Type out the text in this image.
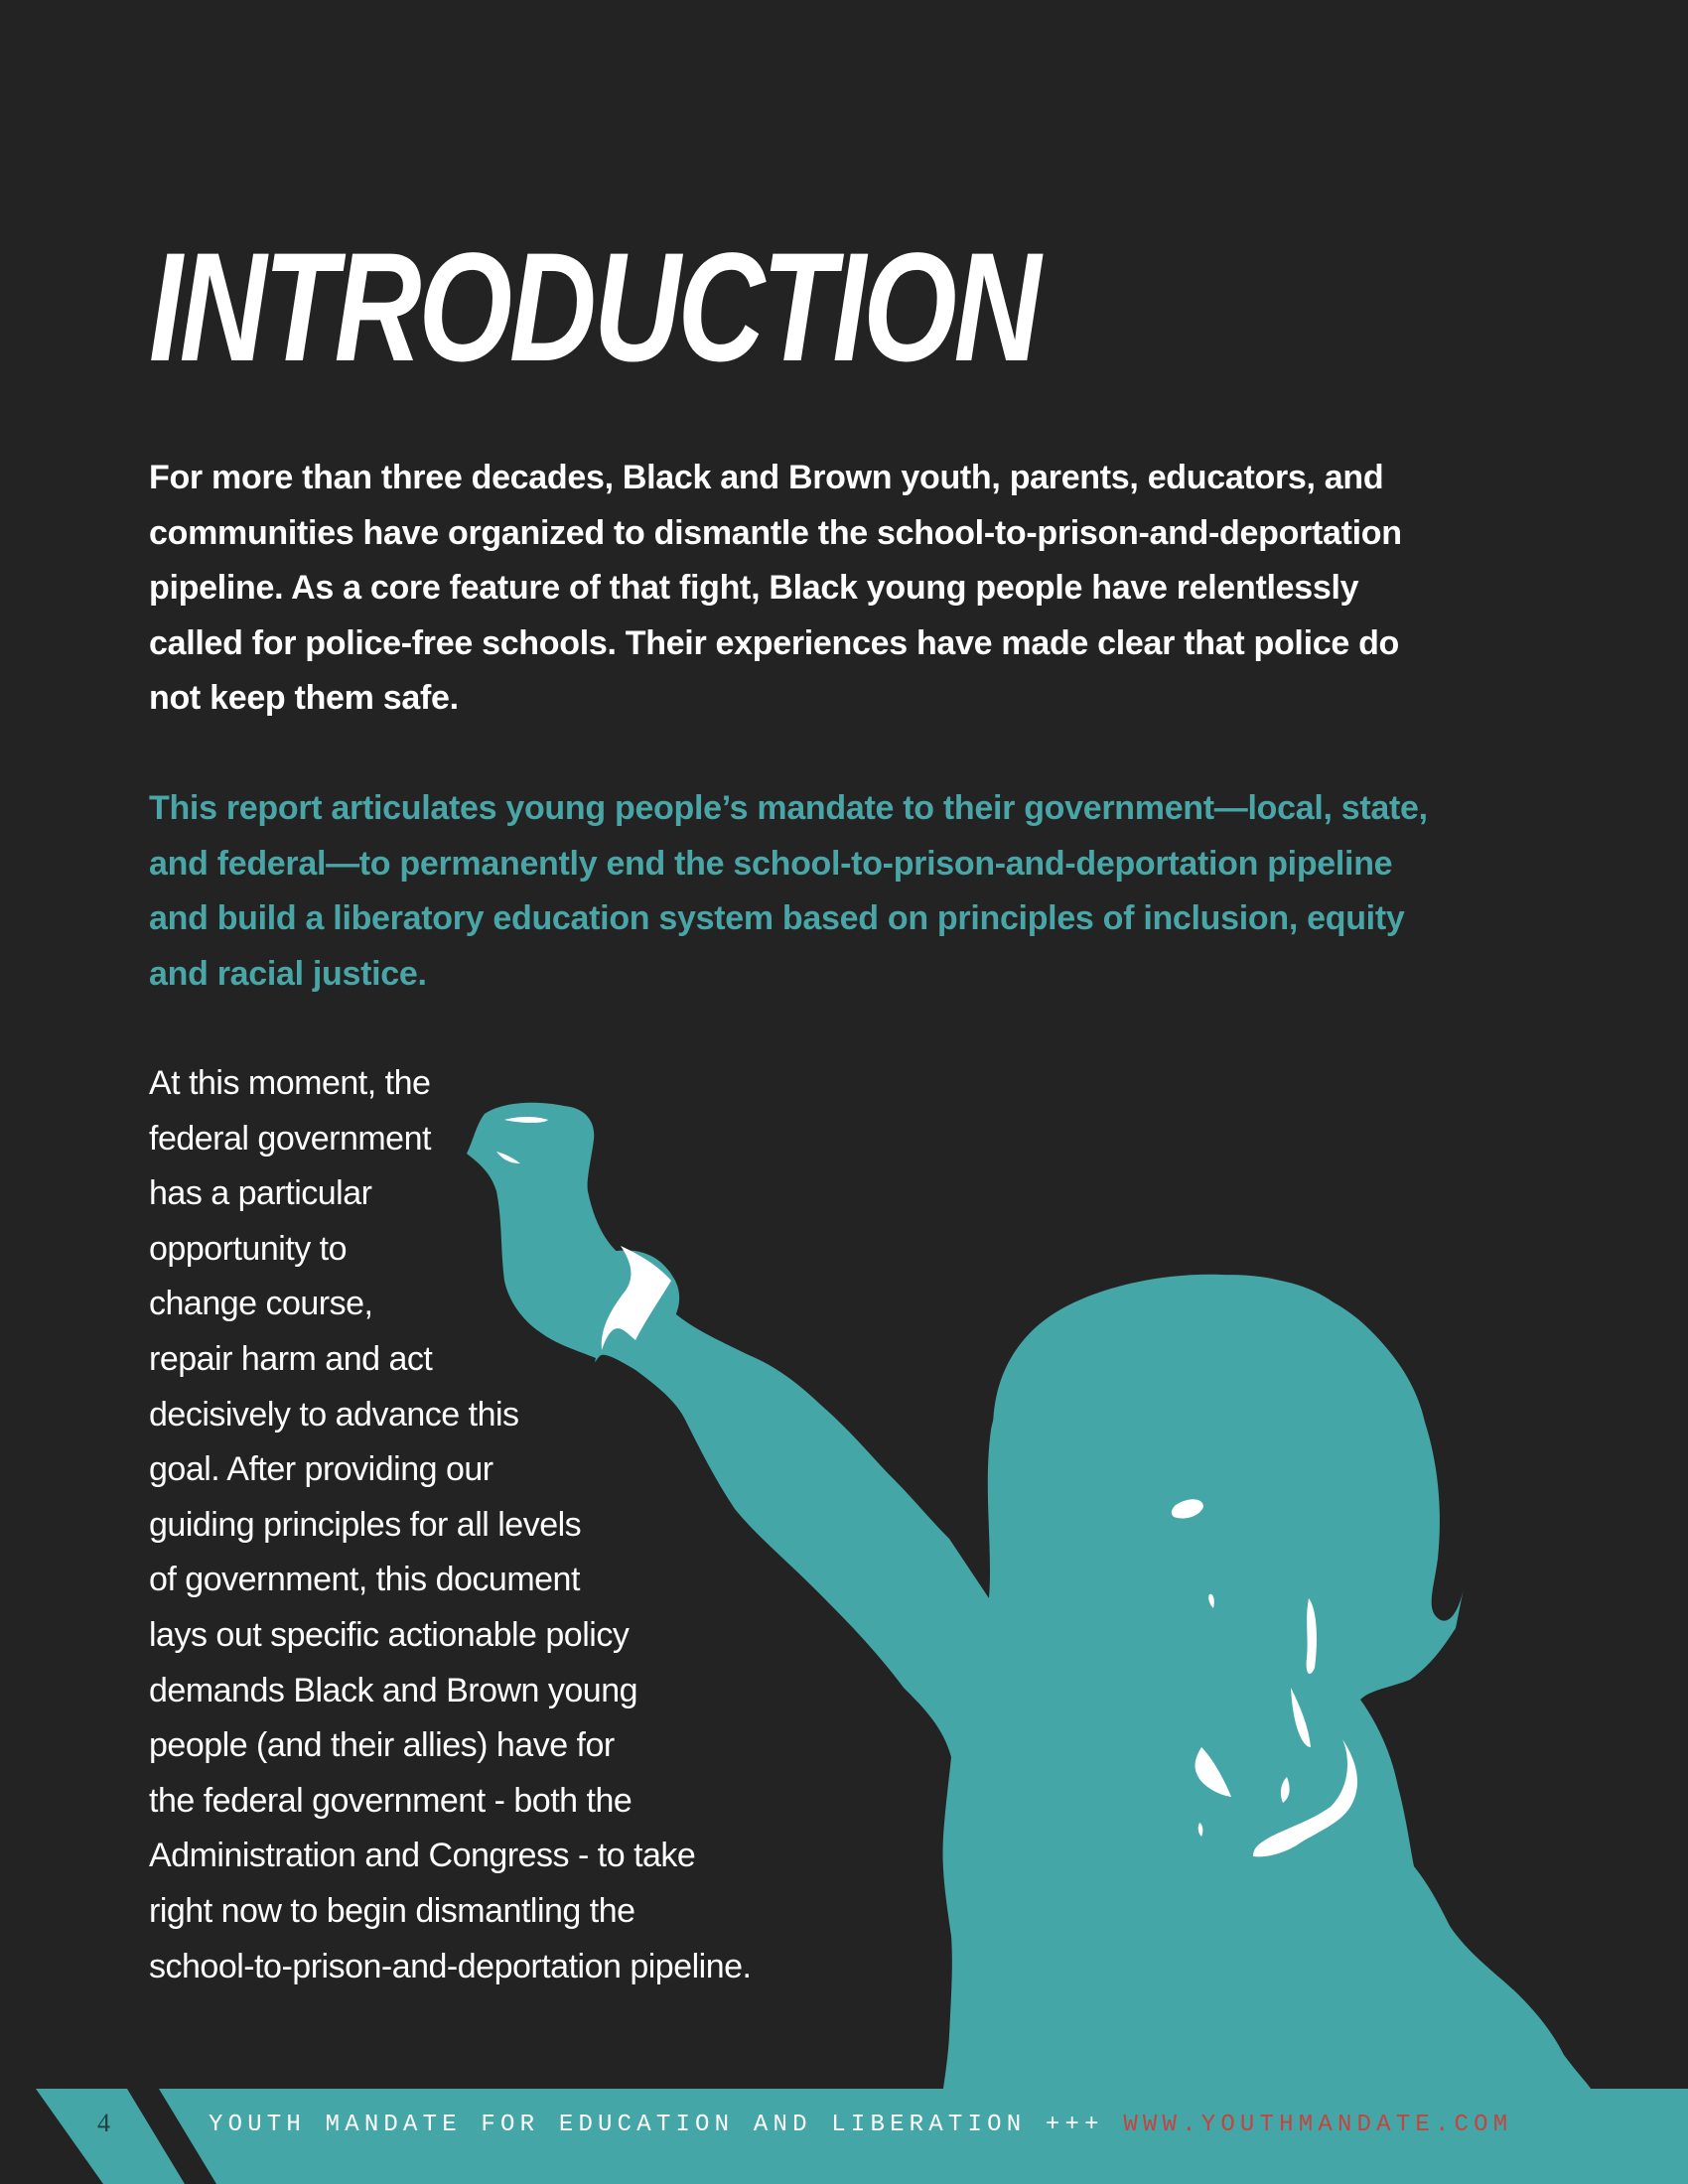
INTRODUCTION

For more than three decades, Black and Brown youth, parents, educators, and communities have organized to dismantle the school-to-prison-and-deportation pipeline. As a core feature of that fight, Black young people have relentlessly called for police-free schools. Their experiences have made clear that police do not keep them safe.

This report articulates young people’s mandate to their government—local, state, and federal—to permanently end the school-to-prison-and-deportation pipeline and build a liberatory education system based on principles of inclusion, equity and racial justice.

At this moment, the
federal government
has a particular
opportunity to
change course,
repair harm and act
decisively to advance this
goal. After providing our
guiding principles for all levels
of government, this document
lays out specific actionable policy
demands Black and Brown young
people (and their allies) have for
the federal government - both the
Administration and Congress - to take
right now to begin dismantling the
school-to-prison-and-deportation pipeline.

4	YOUTH MANDATE FOR EDUCATION AND LIBERATION +++ WWW.YOUTHMANDATE.COM
